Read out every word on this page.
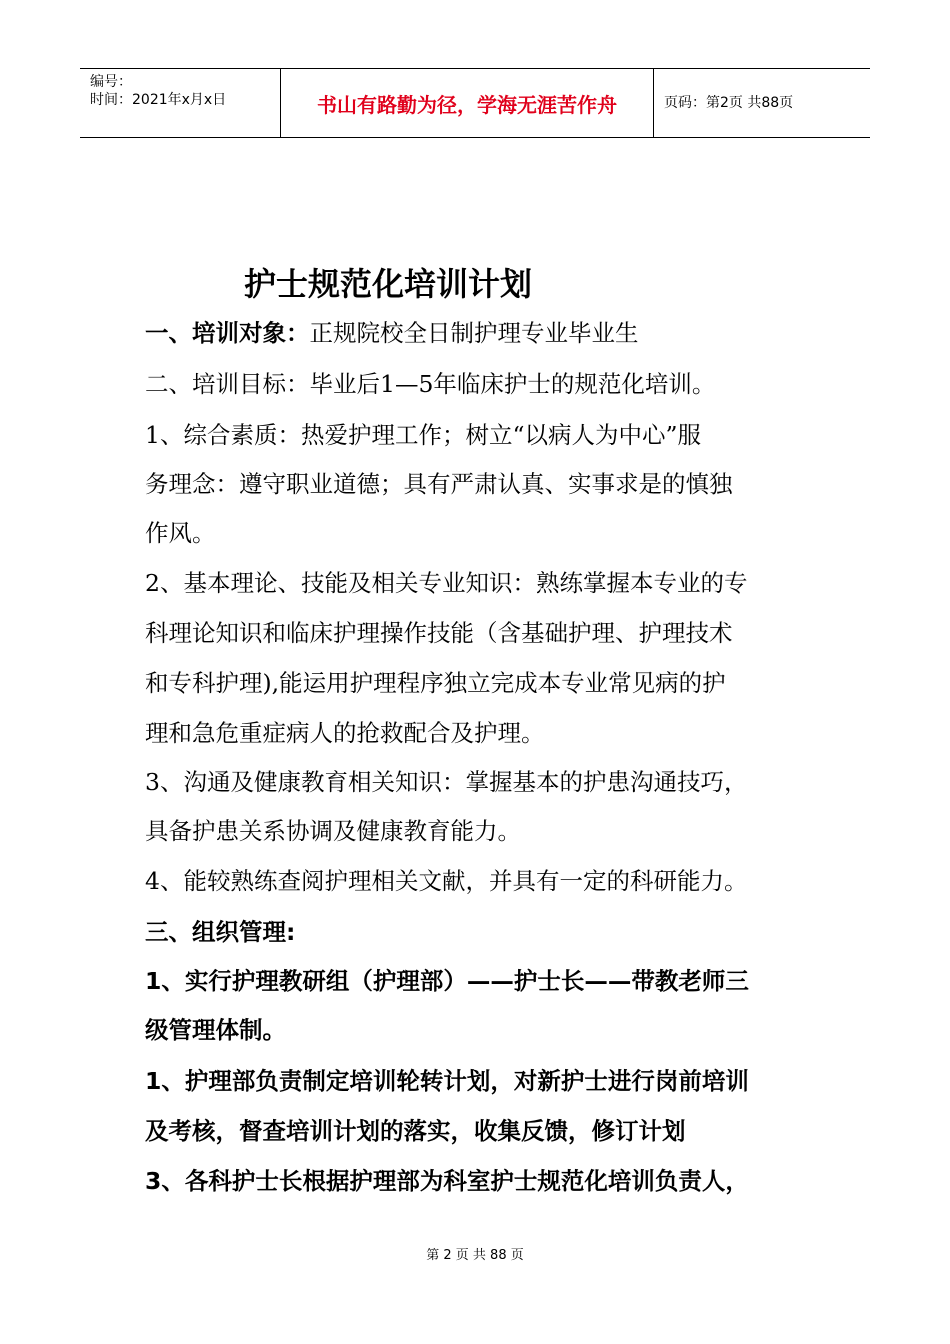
编号：
时间：2021年x月x日	书山有路勤为径，学海无涯苦作舟	页码：第2页 共88页
护士规范化培训计划
一、培训对象：正规院校全日制护理专业毕业生
二、培训目标：毕业后1—5年临床护士的规范化培训。
1、综合素质：热爱护理工作；树立“以病人为中心”服
务理念：遵守职业道德；具有严肃认真、实事求是的慎独
作风。
2、基本理论、技能及相关专业知识：熟练掌握本专业的专
科理论知识和临床护理操作技能（含基础护理、护理技术
和专科护理),能运用护理程序独立完成本专业常见病的护
理和急危重症病人的抢救配合及护理。
3、沟通及健康教育相关知识：掌握基本的护患沟通技巧，
具备护患关系协调及健康教育能力。
4、能较熟练查阅护理相关文献，并具有一定的科研能力。
三、组织管理:
1、实行护理教研组（护理部）——护士长——带教老师三
级管理体制。
1、护理部负责制定培训轮转计划，对新护士进行岗前培训
及考核，督查培训计划的落实，收集反馈，修订计划
3、各科护士长根据护理部为科室护士规范化培训负责人，
第 2 页 共 88 页
